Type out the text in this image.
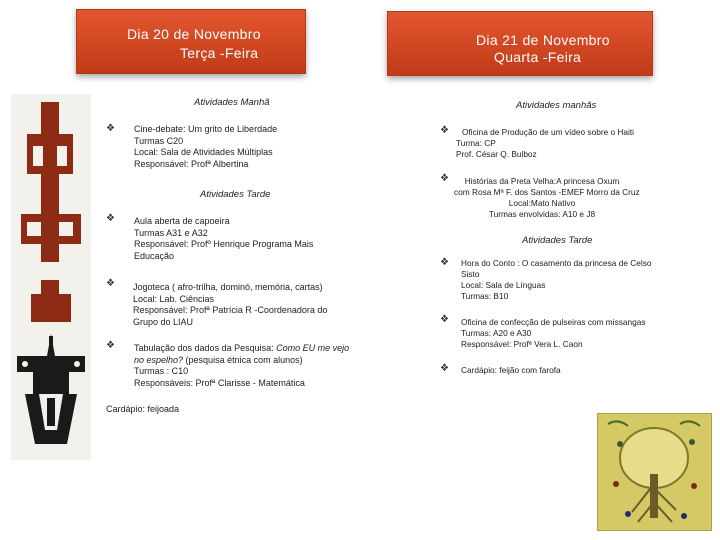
Dia 20 de Novembro
Terça -Feira
Dia 21 de Novembro
Quarta -Feira
Atividades Manhã
❖ Cine-debate: Um grito de Liberdade
Turmas C20
Local: Sala de Atividades Múltiplas
Responsável: Profª Albertina
Atividades Tarde
❖ Aula aberta de capoeira
Turmas A31 e A32
Responsável: Profº Henrique Programa Mais
Educação
❖ Jogoteca ( afro-trilha, dominó, memória, cartas)
Local: Lab. Ciências
Responsável: Profª Patrícia R -Coordenadora do
Grupo do LIAU
❖ Tabulação dos dados da Pesquisa: Como EU me vejo
no espelho? (pesquisa étnica com alunos)
Turmas : C10
Responsáveis: Profª Clarisse - Matemática
Cardápio: feijoada
Atividades manhãs
❖	Oficina de Produção de um vídeo sobre o Haiti
Turma: CP
Prof. César Q. Bulboz
❖	Histórias da Preta Velha:A princesa Oxum
com Rosa Mª F. dos Santos -EMEF Morro da Cruz
Local:Mato Nativo
Turmas envolvidas: A10 e J8
Atividades Tarde
❖ Hora do Conto : O casamento da princesa de Celso
Sisto
Local: Sala de Línguas
Turmas: B10
❖ Oficina de confecção de pulseiras com missangas
Turmas: A20 e A30
Responsável: Profª Vera L. Caon
❖ Cardápio: feijão com farofa
